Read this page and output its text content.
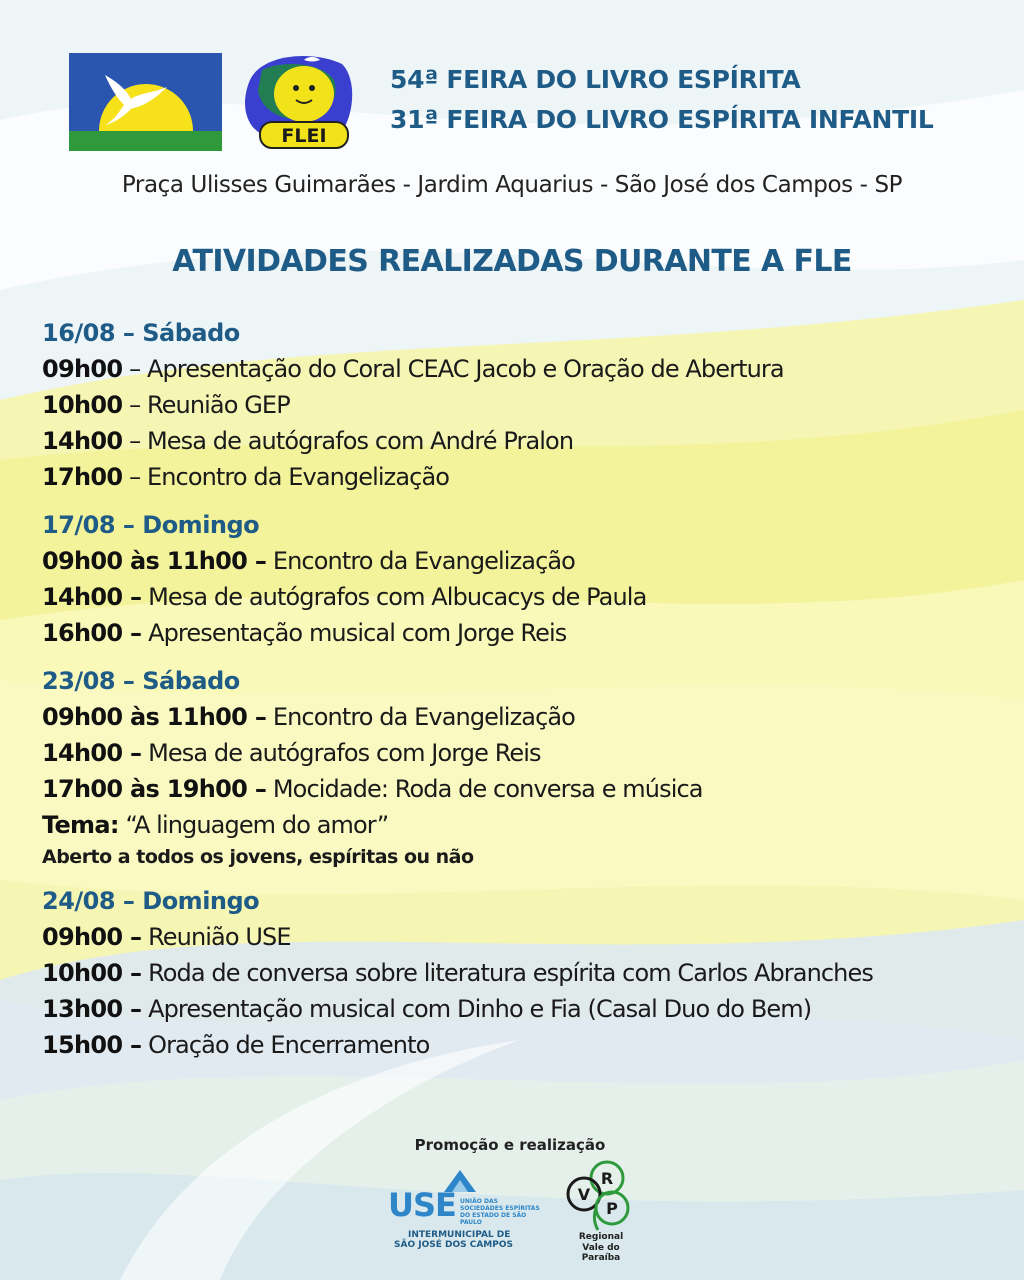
FLEI
54ª FEIRA DO LIVRO ESPÍRITA
31ª FEIRA DO LIVRO ESPÍRITA INFANTIL
Praça Ulisses Guimarães - Jardim Aquarius - São José dos Campos - SP
ATIVIDADES REALIZADAS DURANTE A FLE
16/08 – Sábado
09h00 – Apresentação do Coral CEAC Jacob e Oração de Abertura
10h00 – Reunião GEP
14h00 – Mesa de autógrafos com André Pralon
17h00 – Encontro da Evangelização
17/08 – Domingo
09h00 às 11h00 – Encontro da Evangelização
14h00 – Mesa de autógrafos com Albucacys de Paula
16h00 – Apresentação musical com Jorge Reis
23/08 – Sábado
09h00 às 11h00 – Encontro da Evangelização
14h00 – Mesa de autógrafos com Jorge Reis
17h00 às 19h00 – Mocidade: Roda de conversa e música
Tema: “A linguagem do amor”
Aberto a todos os jovens, espíritas ou não
24/08 – Domingo
09h00 – Reunião USE
10h00 – Roda de conversa sobre literatura espírita com Carlos Abranches
13h00 – Apresentação musical com Dinho e Fia (Casal Duo do Bem)
15h00 – Oração de Encerramento
Promoção e realização
USE UNIÃO DAS SOCIEDADES ESPÍRITAS DO ESTADO DE SÃO PAULO
INTERMUNICIPAL DE
SÃO JOSÉ DOS CAMPOS
V
R
P
Regional
Vale do Paraíba
